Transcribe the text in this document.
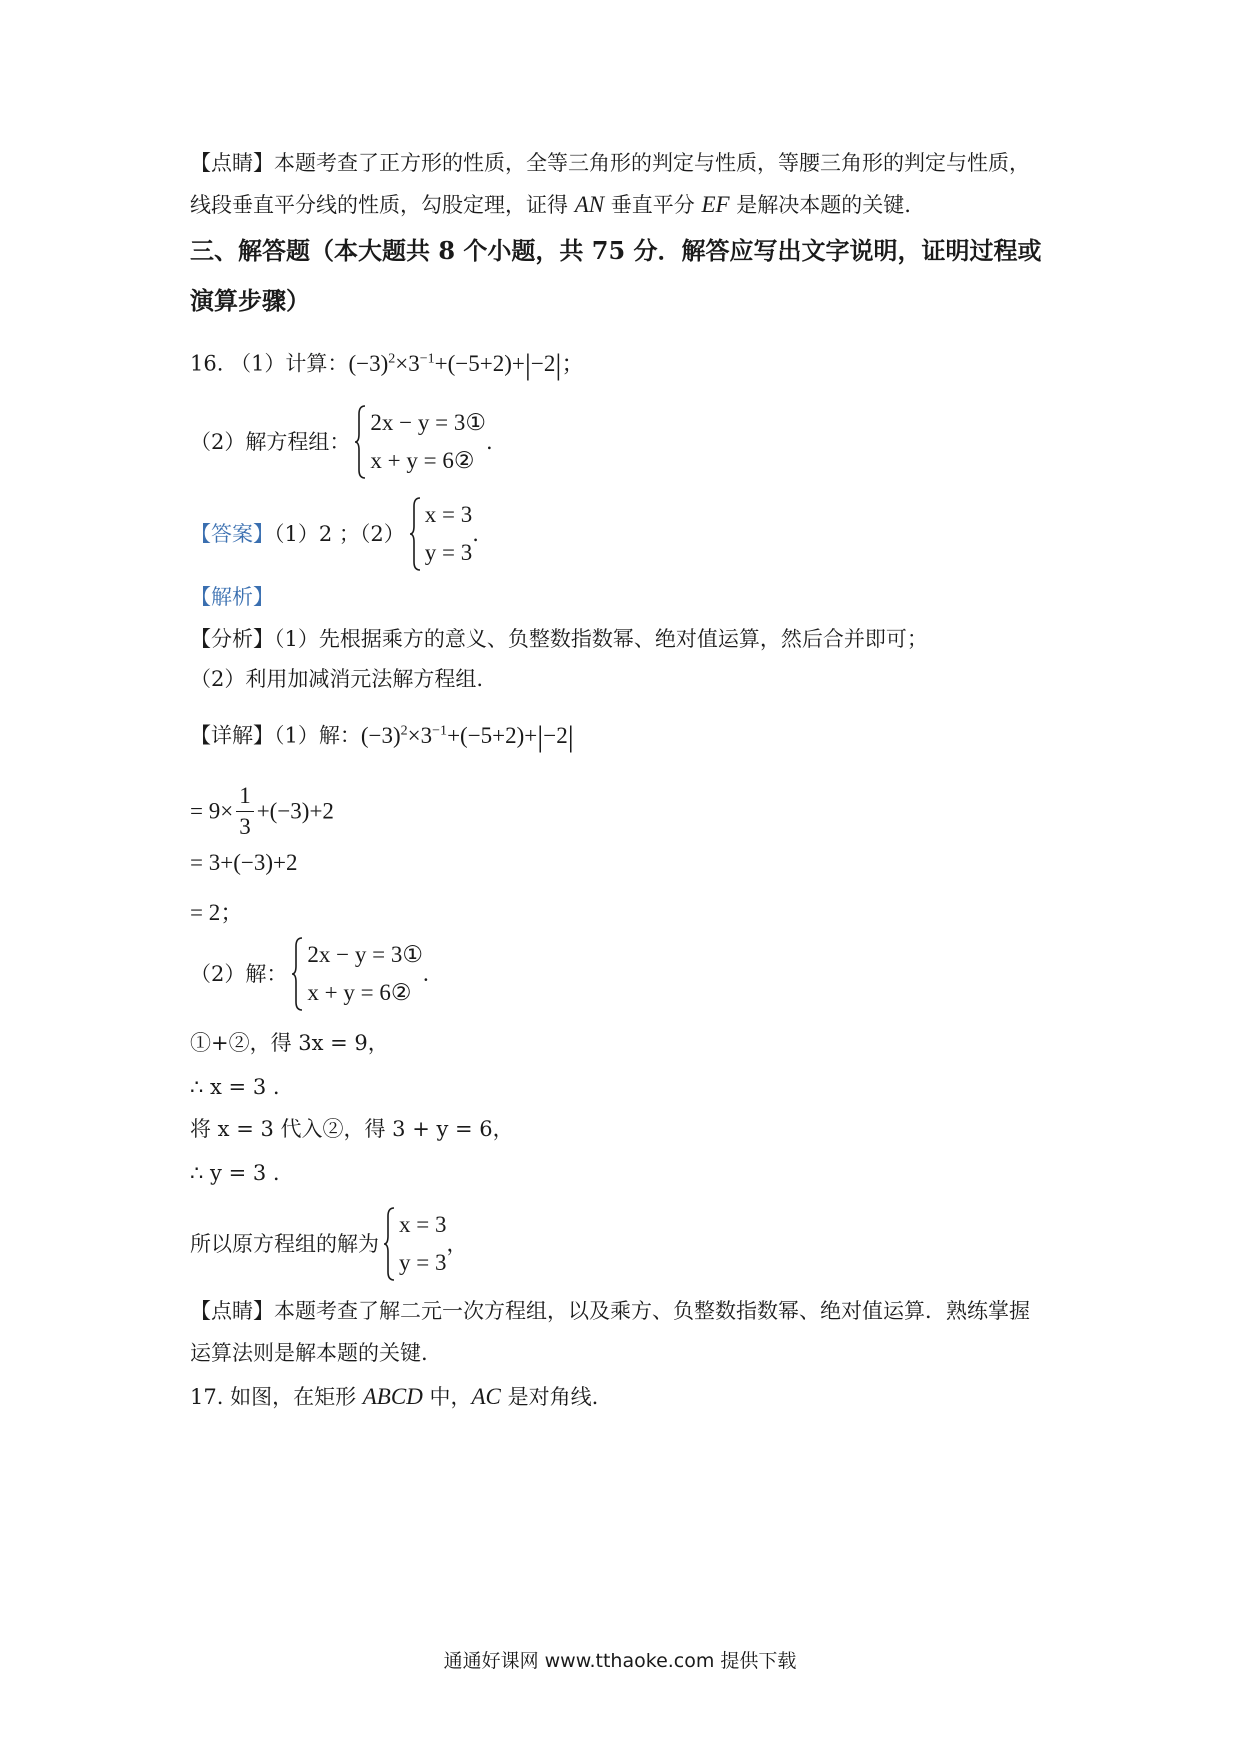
【点睛】本题考查了正方形的性质，全等三角形的判定与性质，等腰三角形的判定与性质，
线段垂直平分线的性质，勾股定理，证得 AN 垂直平分 EF 是解决本题的关键.
三、解答题（本大题共 8 个小题，共 75 分．解答应写出文字说明，证明过程或
演算步骤）
16. （1）计算：$(-3)^2\times 3^{-1}+(-5+2)+|-2|$；
（2）解方程组：
2x − y = 3①
x + y = 6②
.
【答案】（1）2 ；（2）
x = 3
y = 3
.
【解析】
【分析】（1）先根据乘方的意义、负整数指数幂、绝对值运算，然后合并即可；
（2）利用加减消元法解方程组.
【详解】（1）解：$(-3)^2\times 3^{-1}+(-5+2)+|-2|$
= $9\times \frac{1}{3} +(-3)+2$
= 3+(−3)+2
= 2；
（2）解：
2x − y = 3①
x + y = 6②
.
①+②，得 3x = 9，
∴ x = 3 .
将 x = 3 代入②，得 3 + y = 6，
∴ y = 3 .
所以原方程组的解为
x = 3
y = 3
，
【点睛】本题考查了解二元一次方程组，以及乘方、负整数指数幂、绝对值运算．熟练掌握
运算法则是解本题的关键.
17. 如图，在矩形 ABCD 中，AC 是对角线.
通通好课网 www.tthaoke.com 提供下载
